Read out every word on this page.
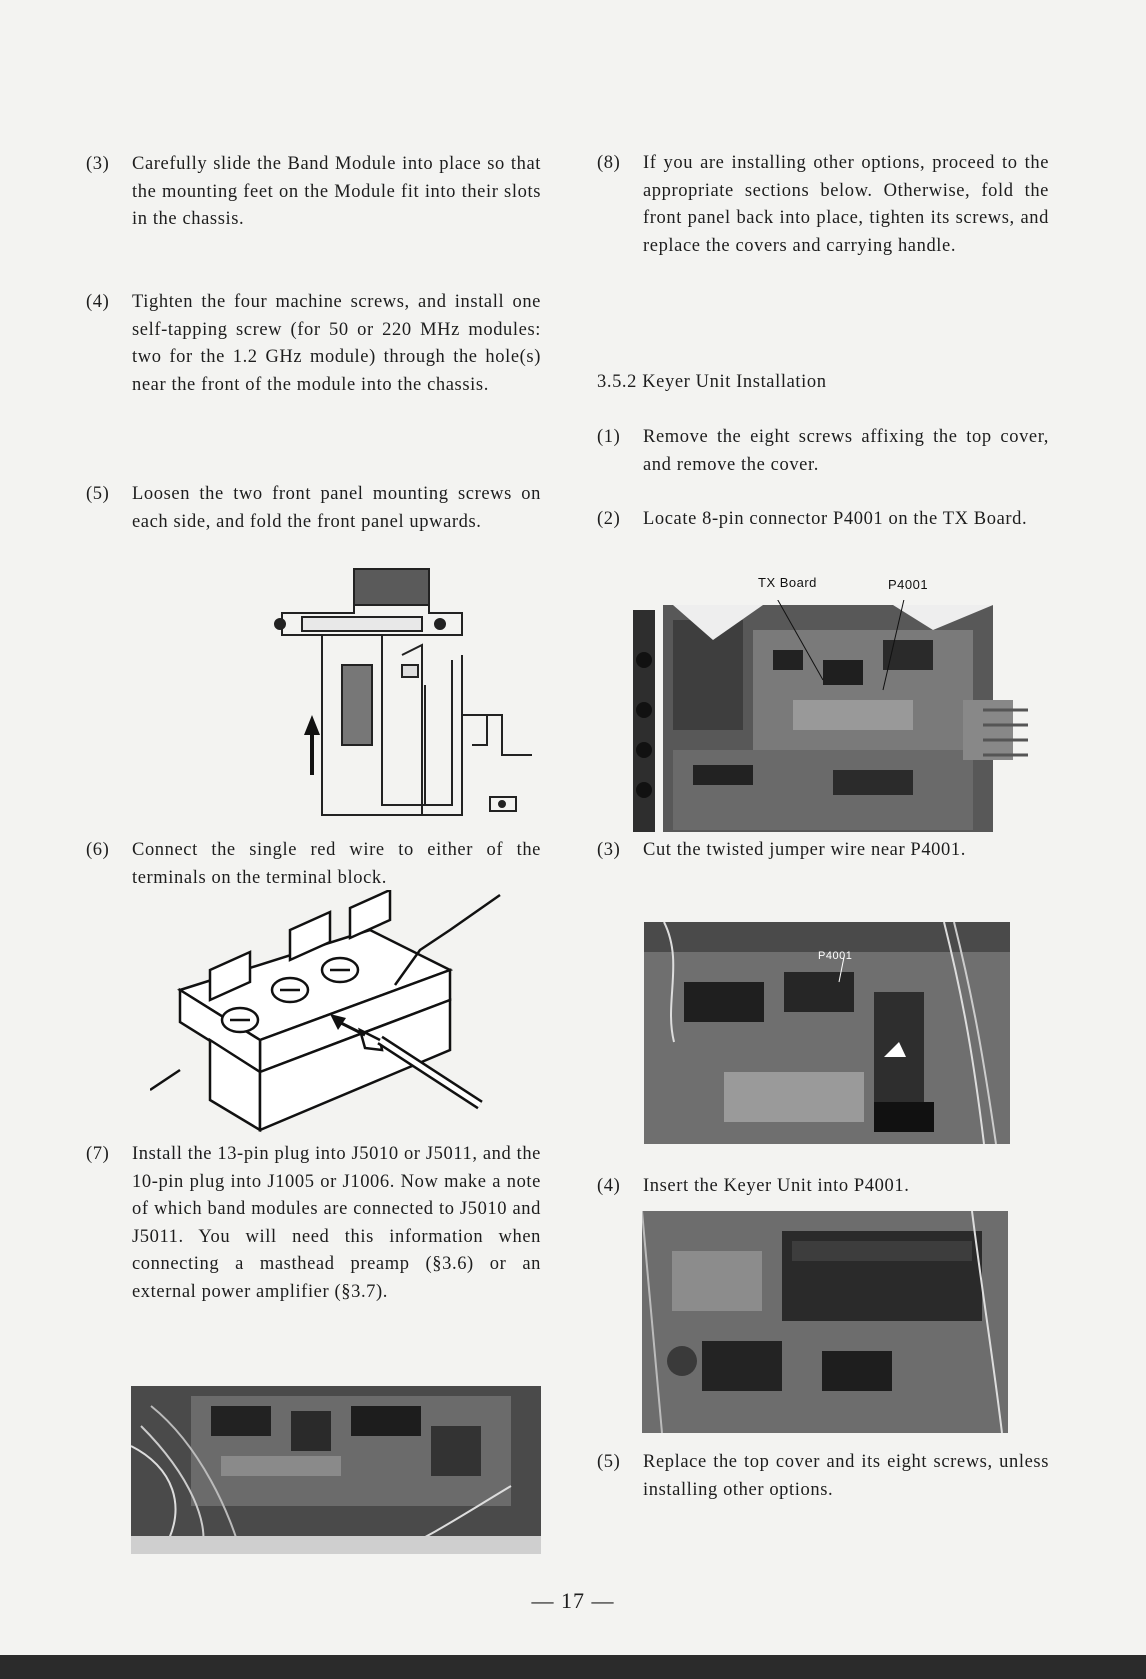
(3) Carefully slide the Band Module into place so that the mounting feet on the Module fit into their slots in the chassis.
(4) Tighten the four machine screws, and install one self-tapping screw (for 50 or 220 MHz modules: two for the 1.2 GHz module) through the hole(s) near the front of the module into the chassis.
(5) Loosen the two front panel mounting screws on each side, and fold the front panel upwards.
(6) Connect the single red wire to either of the terminals on the terminal block.
(7) Install the 13-pin plug into J5010 or J5011, and the 10-pin plug into J1005 or J1006. Now make a note of which band modules are connected to J5010 and J5011. You will need this information when connecting a masthead preamp (§3.6) or an external power amplifier (§3.7).
(8) If you are installing other options, proceed to the appropriate sections below. Otherwise, fold the front panel back into place, tighten its screws, and replace the covers and carrying handle.
3.5.2 Keyer Unit Installation
(1) Remove the eight screws affixing the top cover, and remove the cover.
(2) Locate 8-pin connector P4001 on the TX Board.
TX Board	P4001
(3) Cut the twisted jumper wire near P4001.
P4001
(4) Insert the Keyer Unit into P4001.
(5) Replace the top cover and its eight screws, unless installing other options.
— 17 —
